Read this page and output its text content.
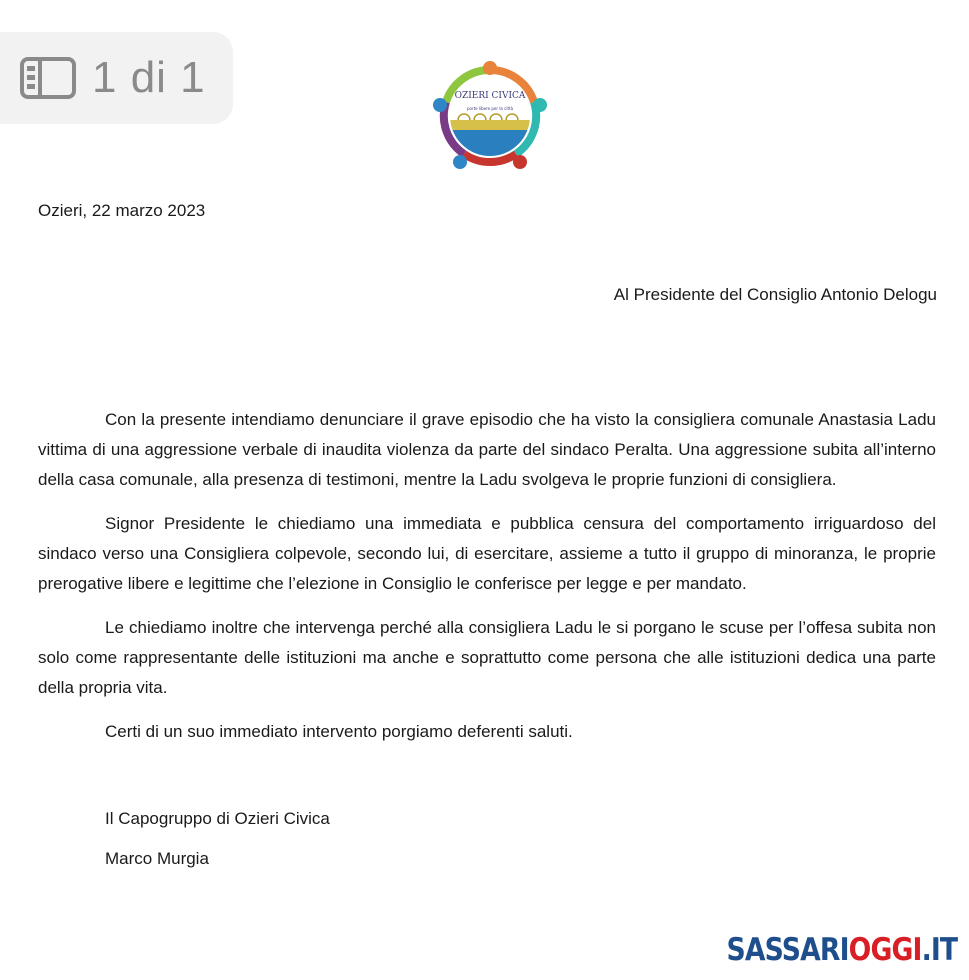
1 di 1	OZIERI CIVICA
porte libere per la città
Ozieri, 22 marzo 2023
Al Presidente del Consiglio Antonio Delogu

Con la presente intendiamo denunciare il grave episodio che ha visto la consigliera comunale Anastasia Ladu vittima di una aggressione verbale di inaudita violenza da parte del sindaco Peralta. Una aggressione subita all’interno della casa comunale, alla presenza di testimoni, mentre la Ladu svolgeva le proprie funzioni di consigliera.

Signor Presidente le chiediamo una immediata e pubblica censura del comportamento irriguardoso del sindaco verso una Consigliera colpevole, secondo lui, di esercitare, assieme a tutto il gruppo di minoranza, le proprie prerogative libere e legittime che l’elezione in Consiglio le conferisce per legge e per mandato.

Le chiediamo inoltre che intervenga perché alla consigliera Ladu le si porgano le scuse per l’offesa subita non solo come rappresentante delle istituzioni ma anche e soprattutto come persona che alle istituzioni dedica una parte della propria vita.

Certi di un suo immediato intervento porgiamo deferenti saluti.

Il Capogruppo di Ozieri Civica
Marco Murgia
SASSARIOGGI.IT
